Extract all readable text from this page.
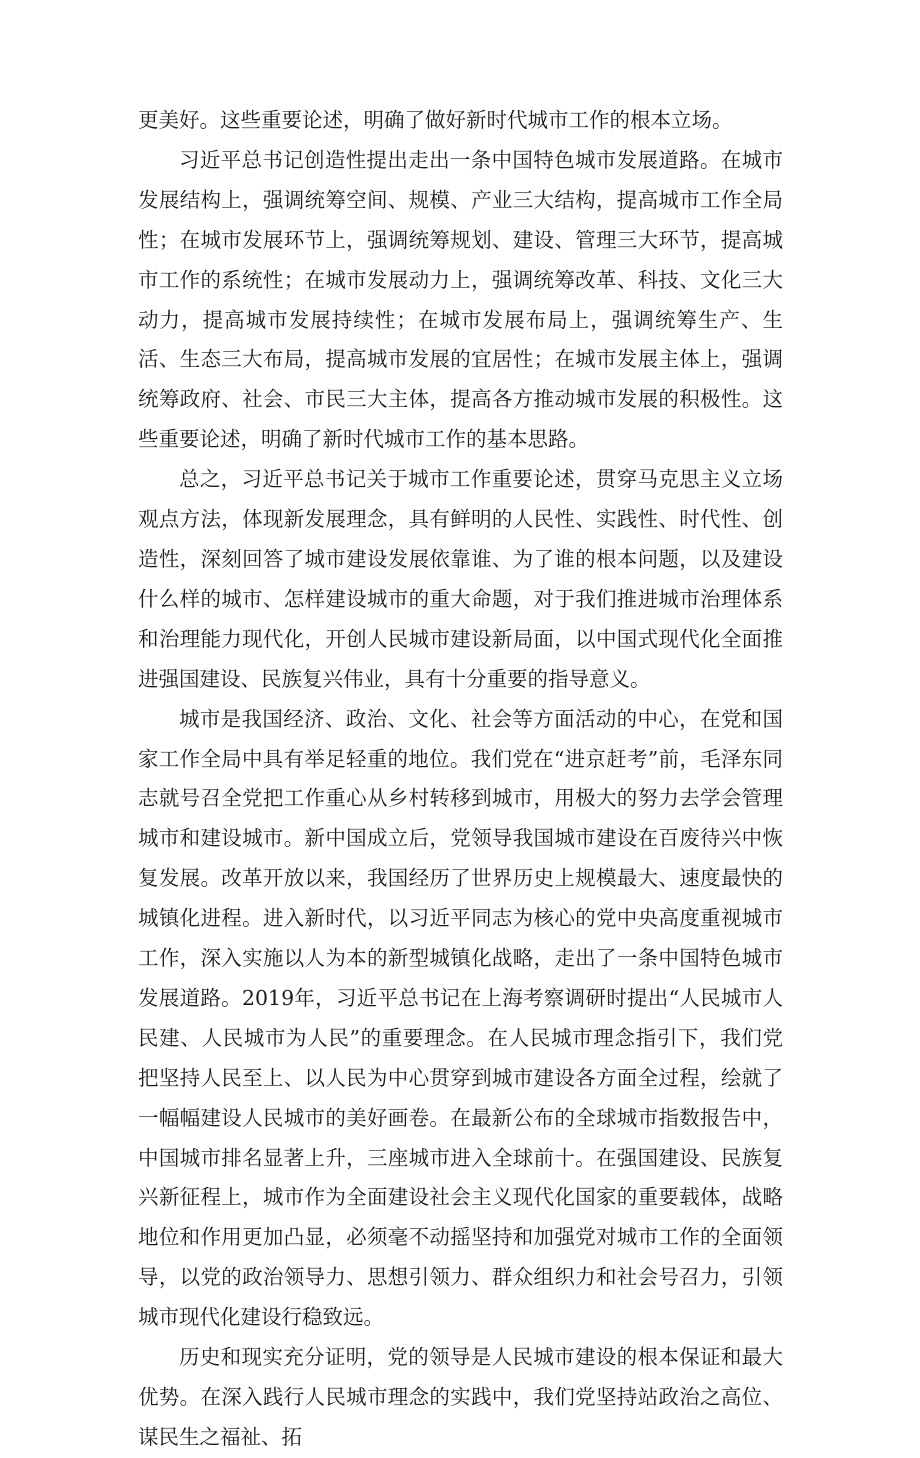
更美好。这些重要论述，明确了做好新时代城市工作的根本立场。

习近平总书记创造性提出走出一条中国特色城市发展道路。在城市发展结构上，强调统筹空间、规模、产业三大结构，提高城市工作全局性；在城市发展环节上，强调统筹规划、建设、管理三大环节，提高城市工作的系统性；在城市发展动力上，强调统筹改革、科技、文化三大动力，提高城市发展持续性；在城市发展布局上，强调统筹生产、生活、生态三大布局，提高城市发展的宜居性；在城市发展主体上，强调统筹政府、社会、市民三大主体，提高各方推动城市发展的积极性。这些重要论述，明确了新时代城市工作的基本思路。

总之，习近平总书记关于城市工作重要论述，贯穿马克思主义立场观点方法，体现新发展理念，具有鲜明的人民性、实践性、时代性、创造性，深刻回答了城市建设发展依靠谁、为了谁的根本问题，以及建设什么样的城市、怎样建设城市的重大命题，对于我们推进城市治理体系和治理能力现代化，开创人民城市建设新局面，以中国式现代化全面推进强国建设、民族复兴伟业，具有十分重要的指导意义。

城市是我国经济、政治、文化、社会等方面活动的中心，在党和国家工作全局中具有举足轻重的地位。我们党在“进京赶考”前，毛泽东同志就号召全党把工作重心从乡村转移到城市，用极大的努力去学会管理城市和建设城市。新中国成立后，党领导我国城市建设在百废待兴中恢复发展。改革开放以来，我国经历了世界历史上规模最大、速度最快的城镇化进程。进入新时代，以习近平同志为核心的党中央高度重视城市工作，深入实施以人为本的新型城镇化战略，走出了一条中国特色城市发展道路。2019年，习近平总书记在上海考察调研时提出“人民城市人民建、人民城市为人民”的重要理念。在人民城市理念指引下，我们党把坚持人民至上、以人民为中心贯穿到城市建设各方面全过程，绘就了一幅幅建设人民城市的美好画卷。在最新公布的全球城市指数报告中，中国城市排名显著上升，三座城市进入全球前十。在强国建设、民族复兴新征程上，城市作为全面建设社会主义现代化国家的重要载体，战略地位和作用更加凸显，必须毫不动摇坚持和加强党对城市工作的全面领导，以党的政治领导力、思想引领力、群众组织力和社会号召力，引领城市现代化建设行稳致远。

历史和现实充分证明，党的领导是人民城市建设的根本保证和最大优势。在深入践行人民城市理念的实践中，我们党坚持站政治之高位、谋民生之福祉、拓
